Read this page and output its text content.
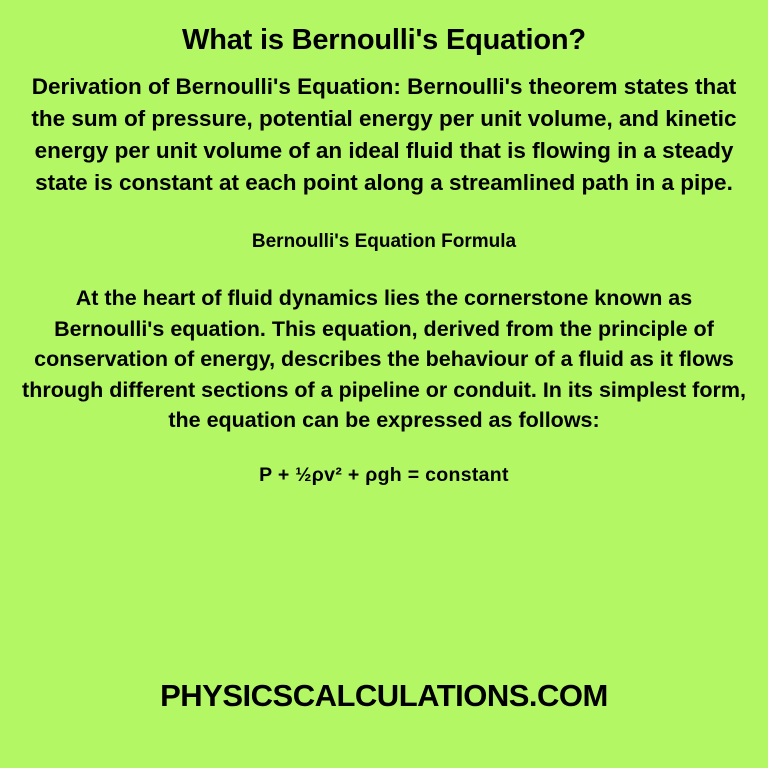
What is Bernoulli's Equation?

Derivation of Bernoulli's Equation: Bernoulli's theorem states that the sum of pressure, potential energy per unit volume, and kinetic energy per unit volume of an ideal fluid that is flowing in a steady state is constant at each point along a streamlined path in a pipe.

Bernoulli's Equation Formula

At the heart of fluid dynamics lies the cornerstone known as Bernoulli's equation. This equation, derived from the principle of conservation of energy, describes the behaviour of a fluid as it flows through different sections of a pipeline or conduit. In its simplest form, the equation can be expressed as follows:

P + ½ρv² + ρgh = constant

PHYSICSCALCULATIONS.COM
